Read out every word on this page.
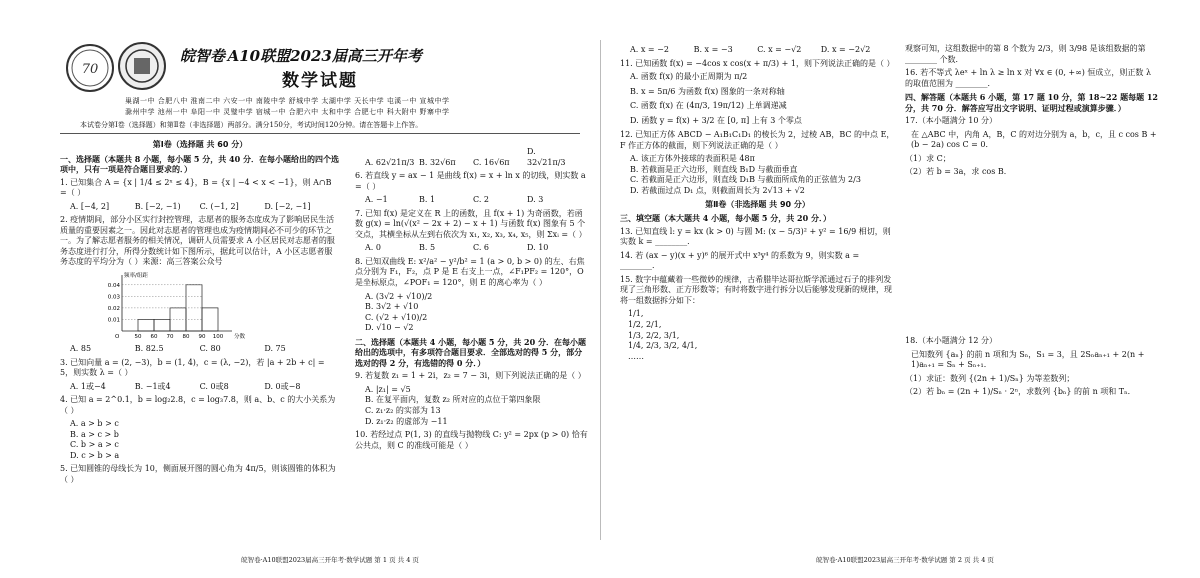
70
皖智卷 A10联盟2023届高三开年考
数学试题
巢湖一中 合肥八中 淮南二中 六安一中 南陵中学 舒城中学 太湖中学 天长中学 屯溪一中 宣城中学
滁州中学 池州一中 阜阳一中 灵璧中学 宿城一中 合肥六中 太和中学 合肥七中 科大附中 野寨中学
本试卷分第Ⅰ卷（选择题）和第Ⅱ卷（非选择题）两部分。满分150分，考试时间120分钟。请在答题卡上作答。

第Ⅰ卷（选择题 共 60 分）

一、选择题（本题共 8 小题，每小题 5 分，共 40 分．在每小题给出的四个选项中，只有一项是符合题目要求的．）

1. 已知集合 A = {x | 1/4 ≤ 2ˣ ≤ 4}，B = {x | −4 < x < −1}，则 A∩B =（ ）

A. [−4, 2]	B. [−2, −1) C. (−1, 2]	D. [−2, −1]

2. 疫情期间，部分小区实行封控管理，志愿者的服务态度成为了影响居民生活质量的重要因素之一。因此对志愿者的管理也成为疫情期间必不可少的环节之一。为了解志愿者服务的相关情况，调研人员需要求 A 小区居民对志愿者的服务态度进行打分，所得分数统计如下图所示，据此可以估计，A 小区志愿者服务态度的平均分为（ ）来源：高三答案公众号

0.04
0.03
0.02
0.01
50 60 70 80 90 100 分数
频率/组距
O
A. 85	B. 82.5	C. 80	D. 75

3. 已知向量 a = (2, −3)，b = (1, 4)，c = (λ, −2)，若 |a + 2b + c| = 5，则实数 λ =（ ）

A. 1或−4	B. −1或4	C. 0或8	D. 0或−8

4. 已知 a = 2^0.1，b = log₂2.8，c = log₃7.8，则 a、b、c 的大小关系为（ ）

A. a > b > cB. a > c > b
C. b > a > cD. c > b > a

5. 已知圆锥的母线长为 10，侧面展开图的圆心角为 4π/5，则该圆锥的体积为（ ）

A. 62√21π/3 B. 32√6π C. 16√6πD. 32√21π/3

6. 若直线 y = ax − 1 是曲线 f(x) = x + ln x 的切线，则实数 a =（ ）

A. −1	B. 1	C. 2	D. 3

7. 已知 f(x) 是定义在 R 上的函数，且 f(x + 1) 为奇函数，若函数 g(x) = ln(√(x² − 2x + 2) − x + 1) 与函数 f(x) 图象有 5 个交点，其横坐标从左到右依次为 x₁, x₂, x₃, x₄, x₅，则 Σxᵢ =（ ）

A. 0	B. 5	C. 6	D. 10

8. 已知双曲线 E: x²/a² − y²/b² = 1 (a > 0, b > 0) 的左、右焦点分别为 F₁，F₂，点 P 是 E 右支上一点，∠F₁PF₂ = 120°，O 是坐标原点，∠POF₁ = 120°，则 E 的离心率为（ ）

A. (3√2 + √10)/2B. 3√2 + √10
C. (√2 + √10)/2D. √10 − √2

二、选择题（本题共 4 小题，每小题 5 分，共 20 分．在每小题给出的选项中，有多项符合题目要求．全部选对的得 5 分，部分选对的得 2 分，有选错的得 0 分．）

9. 若复数 z₁ = 1 + 2i，z₂ = 7 − 3i，则下列说法正确的是（ ）

A. |z₁| = √5

B. 在复平面内，复数 z₂ 所对应的点位于第四象限

C. z₁·z₂ 的实部为 13

D. z₁·z₂ 的虚部为 −11

10. 若经过点 P(1, 3) 的直线与抛物线 C: y² = 2px (p > 0) 恰有公共点，则 C 的准线可能是（ ）

皖智卷·A10联盟2023届高三开年考·数学试题 第 1 页 共 4 页
A. x = −2	B. x = −3	C. x = −√2 D. x = −2√2

11. 已知函数 f(x) = −4cos x cos(x + π/3) + 1，则下列说法正确的是（ ）

A. 函数 f(x) 的最小正周期为 π/2

B. x = 5π/6 为函数 f(x) 图象的一条对称轴

C. 函数 f(x) 在 (4π/3, 19π/12) 上单调递减

D. 函数 y = f(x) + 3/2 在 [0, π] 上有 3 个零点

12. 已知正方体 ABCD − A₁B₁C₁D₁ 的棱长为 2，过棱 AB，BC 的中点 E，F 作正方体的截面，则下列说法正确的是（ ）

A. 该正方体外接球的表面积是 48π

B. 若截面是正六边形，则直线 B₁D 与截面垂直

C. 若截面是正六边形，则直线 D₁B 与截面所成角的正弦值为 2/3

D. 若截面过点 D₁ 点，则截面周长为 2√13 + √2

第Ⅱ卷（非选择题 共 90 分）

三、填空题（本大题共 4 小题，每小题 5 分，共 20 分．）

13. 已知直线 l: y = kx (k > 0) 与圆 M: (x − 5/3)² + y² = 16/9 相切，则实数 k = ________．

14. 若 (ax − y)(x + y)⁶ 的展开式中 x³y⁴ 的系数为 9，则实数 a = ________．

15. 数字中蕴藏着一些微妙的规律，古希腊毕达哥拉斯学派通过石子的排列发现了三角形数、正方形数等；有时将数字进行拆分以后能够发现新的规律，现将一组数据拆分如下：

1/1,

1/2, 2/1,

1/3, 2/2, 3/1,

1/4, 2/3, 3/2, 4/1,

……

观察可知，这组数据中的第 8 个数为 2/3，则 3/98 是该组数据的第 ________ 个数．

16. 若不等式 λeˣ + ln λ ≥ ln x 对 ∀x ∈ (0, +∞) 恒成立，则正数 λ 的取值范围为 ________．

四、解答题（本题共 6 小题，第 17 题 10 分，第 18~22 题每题 12 分，共 70 分．解答应写出文字说明、证明过程或演算步骤．）

17.（本小题满分 10 分）

在 △ABC 中，内角 A，B，C 的对边分别为 a，b，c，且 c cos B + (b − 2a) cos C = 0．

（1）求 C；

（2）若 b = 3a，求 cos B．

18.（本小题满分 12 分）

已知数列 {aₙ} 的前 n 项和为 Sₙ，S₁ = 3，且 2Sₙaₙ₊₁ + 2(n + 1)aₙ₊₁ = Sₙ + Sₙ₊₁．

（1）求证：数列 {(2n + 1)/Sₙ} 为等差数列；

（2）若 bₙ = (2n + 1)/Sₙ · 2ⁿ，求数列 {bₙ} 的前 n 项和 Tₙ．

皖智卷·A10联盟2023届高三开年考·数学试题 第 2 页 共 4 页
